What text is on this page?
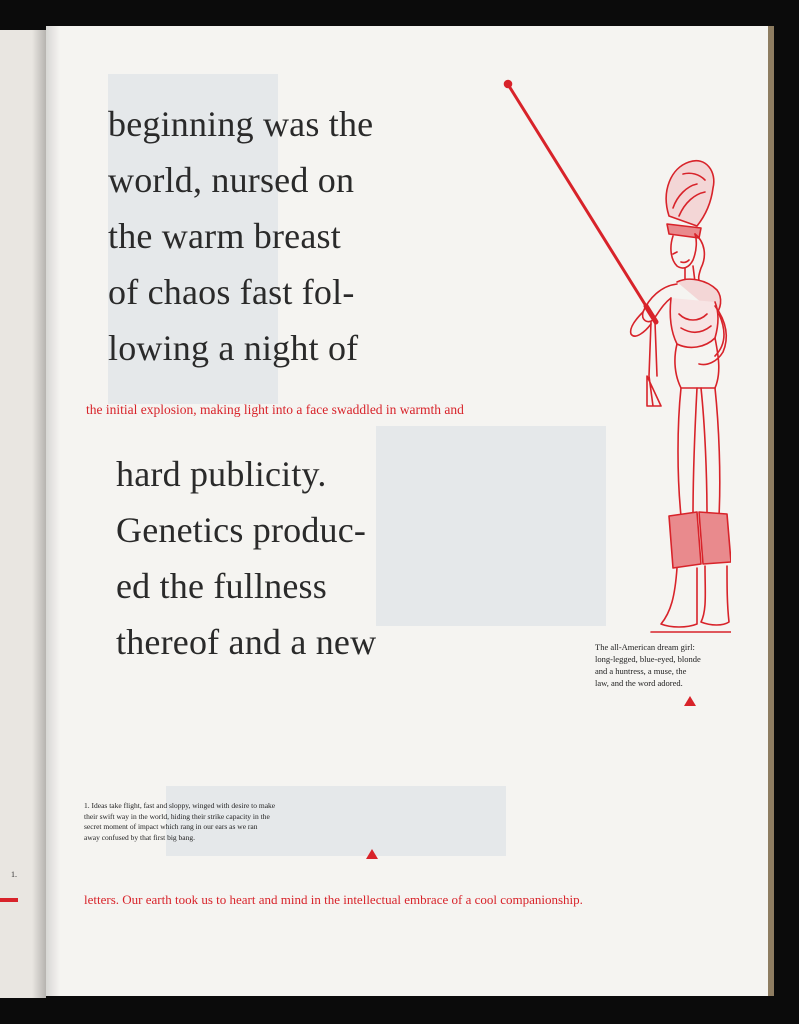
1.

beginning was the
world, nursed on
the warm breast
of chaos fast fol-
lowing a night of

the initial explosion, making light into a face swaddled in warmth and

hard publicity.
Genetics produc-
ed the fullness
thereof and a new	The all-American dream girl:
long-legged, blue-eyed, blonde
and a huntress, a muse, the
law, and the word adored.

1. Ideas take flight, fast and sloppy, winged with desire to make
their swift way in the world, hiding their strike capacity in the
secret moment of impact which rang in our ears as we ran
away confused by that first big bang.

letters. Our earth took us to heart and mind in the intellectual embrace of a cool companionship.
